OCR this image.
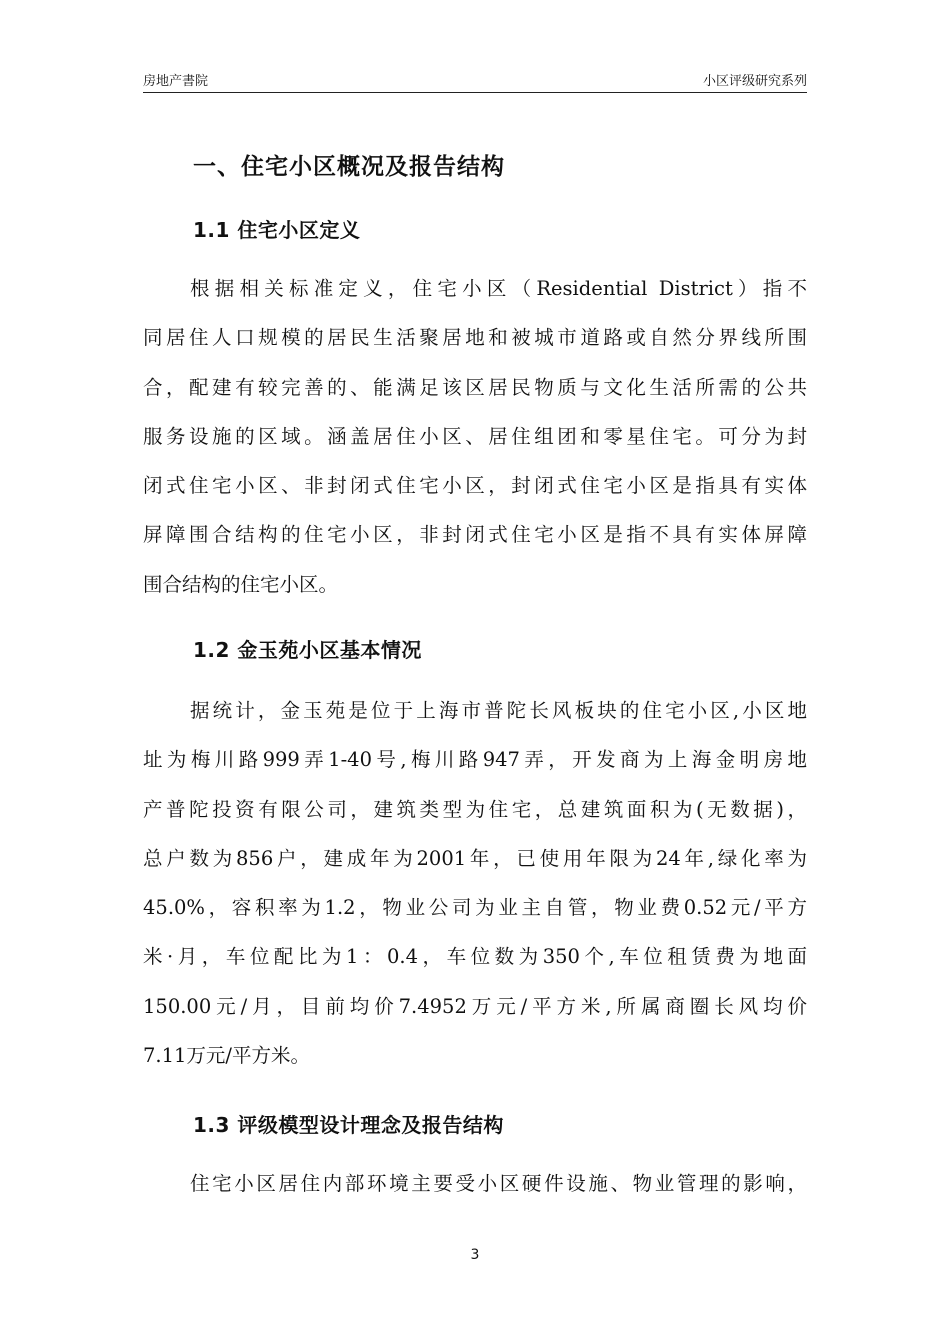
房地产書院	小区评级研究系列
一、住宅小区概况及报告结构
1.1 住宅小区定义
根据相关标准定义，住宅小区（Residential District）指不
同居住人口规模的居民生活聚居地和被城市道路或自然分界线所围
合，配建有较完善的、能满足该区居民物质与文化生活所需的公共
服务设施的区域。涵盖居住小区、居住组团和零星住宅。可分为封
闭式住宅小区、非封闭式住宅小区，封闭式住宅小区是指具有实体
屏障围合结构的住宅小区，非封闭式住宅小区是指不具有实体屏障
围合结构的住宅小区。
1.2 金玉苑小区基本情况
据统计，金玉苑是位于上海市普陀长风板块的住宅小区,小区地
址为梅川路999弄1-40号,梅川路947弄，开发商为上海金明房地
产普陀投资有限公司，建筑类型为住宅，总建筑面积为(无数据)，
总户数为856户，建成年为2001年，已使用年限为24年,绿化率为
45.0%，容积率为1.2，物业公司为业主自管，物业费0.52元/平方
米·月，车位配比为1：0.4，车位数为350个,车位租赁费为地面
150.00元/月，目前均价7.4952万元/平方米,所属商圈长风均价
7.11万元/平方米。
1.3 评级模型设计理念及报告结构
住宅小区居住内部环境主要受小区硬件设施、物业管理的影响，
3
